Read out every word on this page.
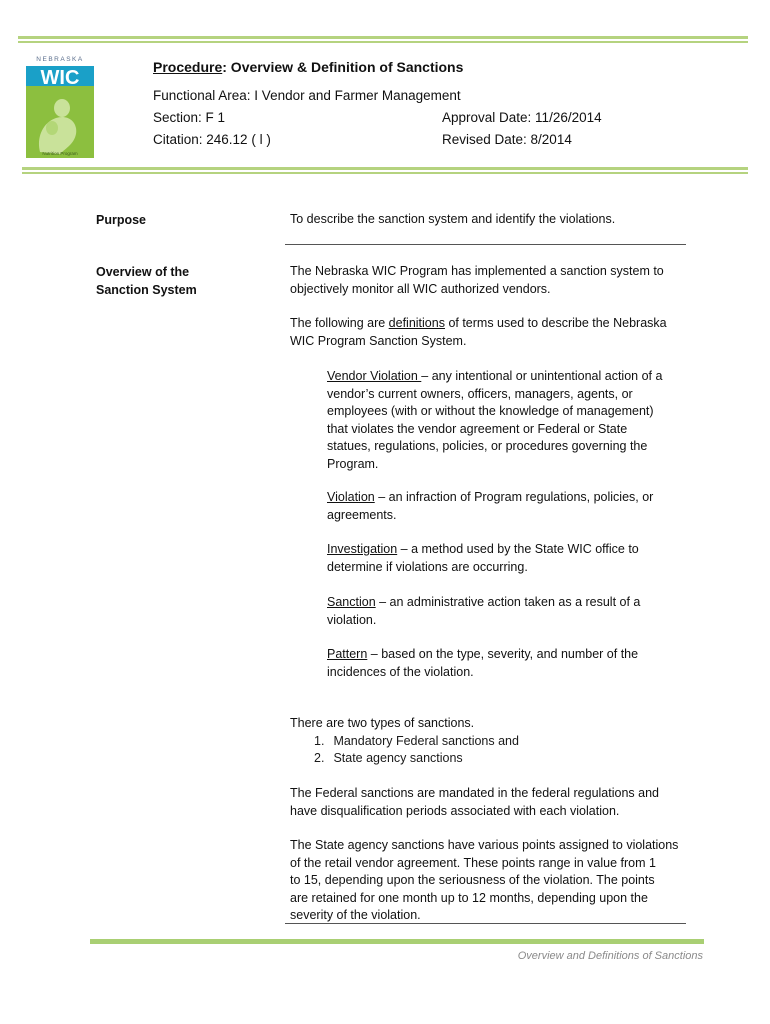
NEBRASKA
WIC
Nutrition Program
Procedure: Overview & Definition of Sanctions
Functional Area: I Vendor and Farmer Management
Section: F 1
Citation: 246.12 ( l )
Approval Date: 11/26/2014
Revised Date: 8/2014
Purpose	To describe the sanction system and identify the violations.
Overview of the
Sanction System
The Nebraska WIC Program has implemented a sanction system to
objectively monitor all WIC authorized vendors.
The following are definitions of terms used to describe the Nebraska
WIC Program Sanction System.
Vendor Violation – any intentional or unintentional action of a
vendor’s current owners, officers, managers, agents, or
employees (with or without the knowledge of management)
that violates the vendor agreement or Federal or State
statues, regulations, policies, or procedures governing the
Program.
Violation – an infraction of Program regulations, policies, or
agreements.
Investigation – a method used by the State WIC office to
determine if violations are occurring.
Sanction – an administrative action taken as a result of a
violation.
Pattern – based on the type, severity, and number of the
incidences of the violation.
There are two types of sanctions.
1. Mandatory Federal sanctions and
2. State agency sanctions
The Federal sanctions are mandated in the federal regulations and
have disqualification periods associated with each violation.
The State agency sanctions have various points assigned to violations
of the retail vendor agreement. These points range in value from 1
to 15, depending upon the seriousness of the violation. The points
are retained for one month up to 12 months, depending upon the
severity of the violation.
Overview and Definitions of Sanctions
